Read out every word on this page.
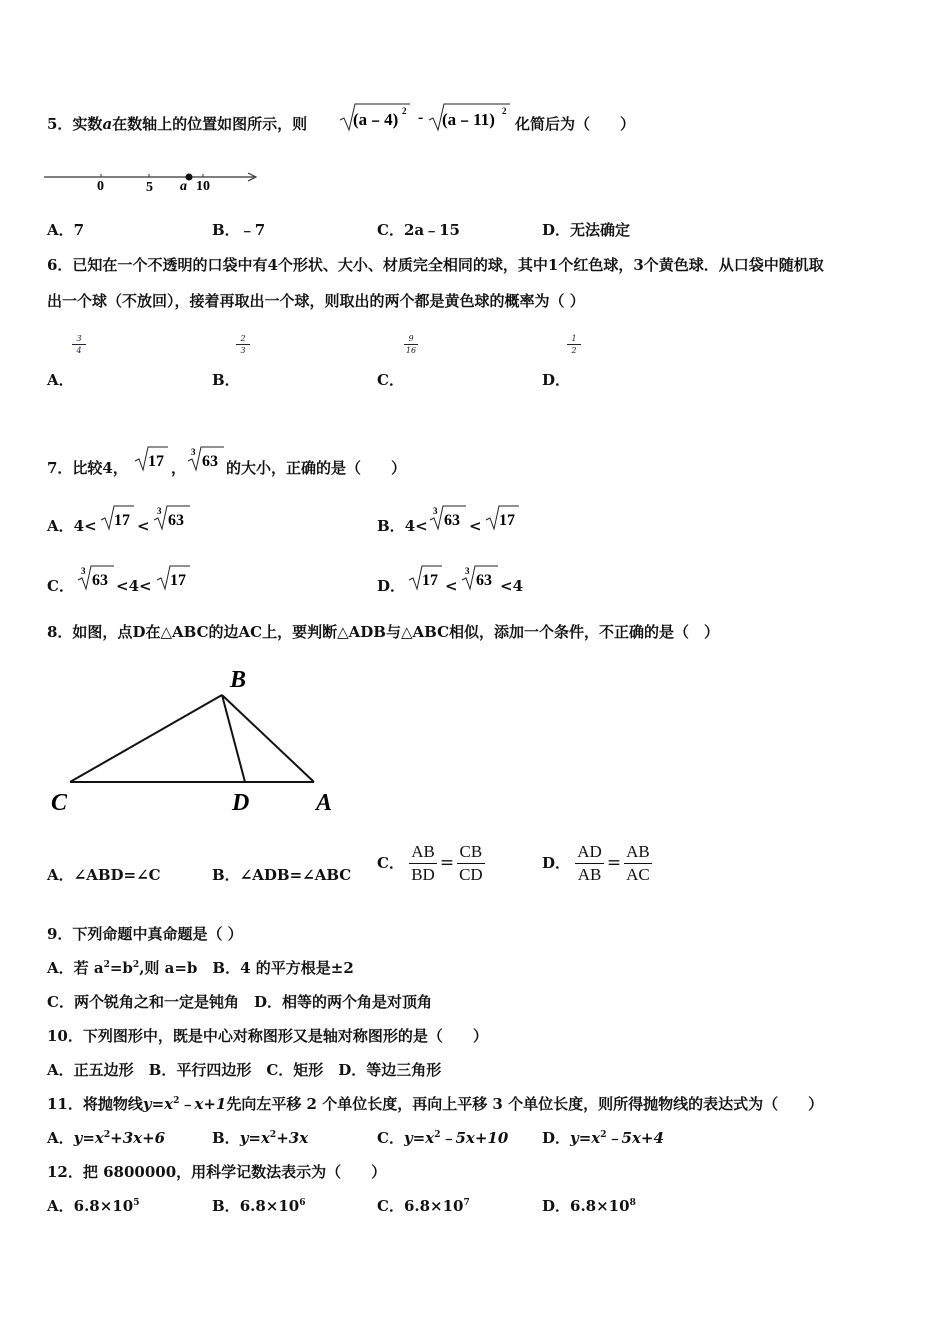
5．实数a在数轴上的位置如图所示，则	(a﹣4) 2 - (a﹣11) 2
化简后为（　　）
0	5 a 10
A．7	B．﹣7	C．2a﹣15	D．无法确定
6．已知在一个不透明的口袋中有4个形状、大小、材质完全相同的球，其中1个红色球，3个黄色球．从口袋中随机取
出一个球（不放回），接着再取出一个球，则取出的两个都是黄色球的概率为（ ）
3
4
2
3
9
16
1
2
A．	B．	C．	D．
7．比较4， 17 ，
3
63 的大小，正确的是（　　）
A．4< 17 <
3
63	B．4<
3
63 < 17
C．
3
63 <4< 17	D． 17 <
3
63 <4
8．如图，点D在△ABC的边AC上，要判断△ADB与△ABC相似，添加一个条件，不正确的是（　）
B
C	D	A
A．∠ABD=∠C	B．∠ADB=∠ABC
C． $\frac{AB}{BD} = \frac{CB}{CD}$	D． $\frac{AD}{AB} = \frac{AB}{AC}$
9．下列命题中真命题是（ ）
A．若 $a^2=b^2$,则 a=b　B．4 的平方根是±2
C．两个锐角之和一定是钝角　D．相等的两个角是对顶角
10．下列图形中，既是中心对称图形又是轴对称图形的是（　　）
A．正五边形　B．平行四边形　C．矩形　D．等边三角形
11．将抛物线$y=x^2﹣x+1$先向左平移 2 个单位长度，再向上平移 3 个单位长度，则所得抛物线的表达式为（　　）
A．$y=x^2+3x+6$	B．$y=x^2+3x$	C．$y=x^2﹣5x+10$ D．$y=x^2﹣5x+4$
12．把 6800000，用科学记数法表示为（　　）
A．$6.8\times 10^5$	B．$6.8\times 10^6$	C．$6.8\times 10^7$	D．$6.8\times 10^8$
